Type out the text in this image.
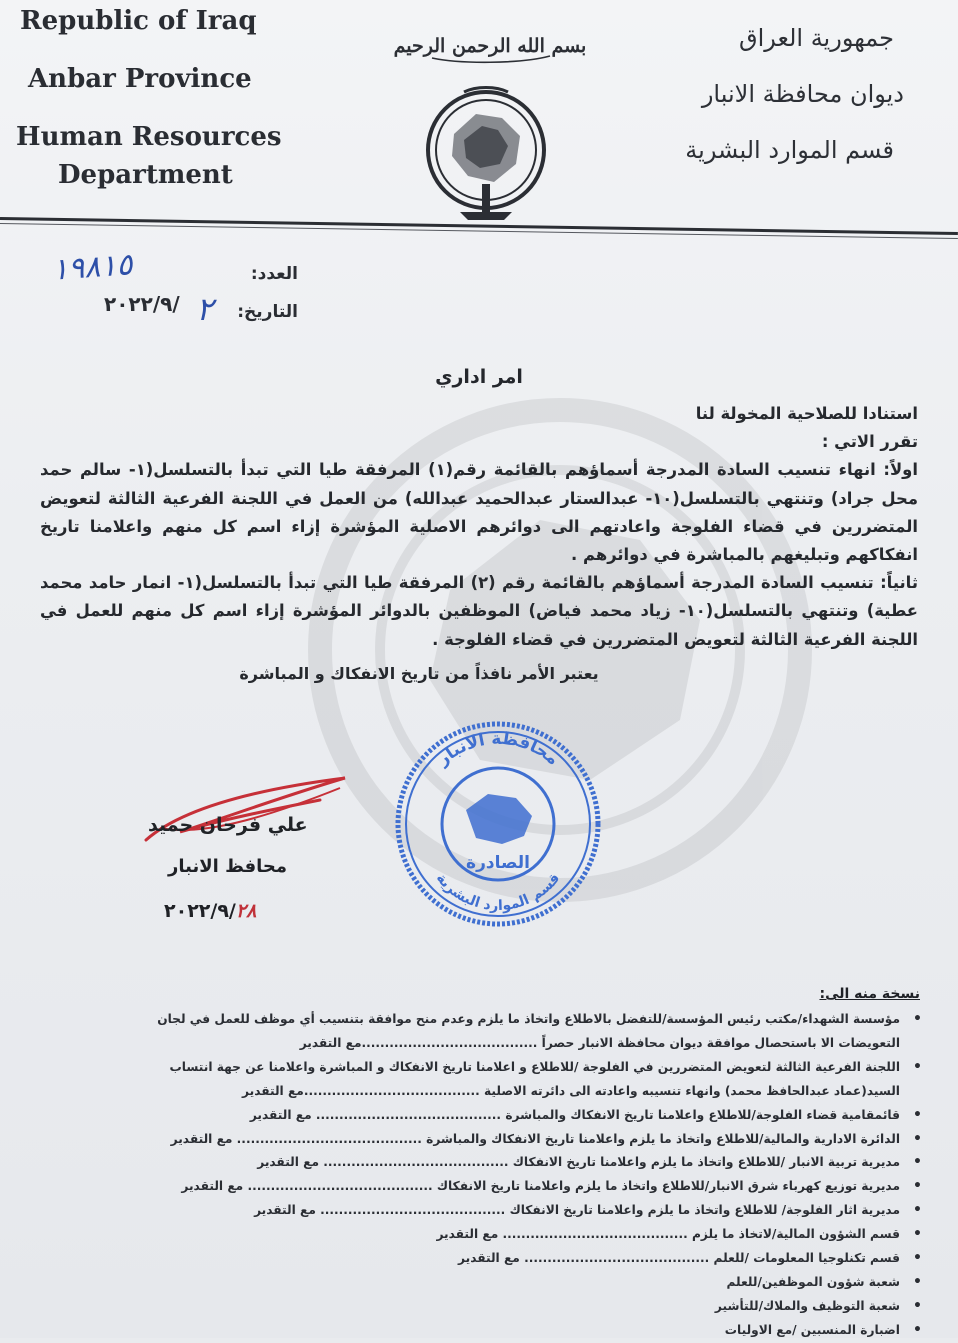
Republic of Iraq
Anbar Province
Human Resources
Department
بسم الله الرحمن الرحيم	جمهورية العراق
ديوان محافظة الانبار
قسم الموارد البشرية
العدد:
١٩٨١٥
التاريخ:
٢
٢٠٢٢/٩/
امر اداري

استنادا للصلاحية المخولة لنا

تقرر الاتي :

اولاً: انهاء تنسيب السادة المدرجة أسماؤهم بالقائمة رقم(١) المرفقة طيا التي تبدأ بالتسلسل(١- سالم حمد محل جراد) وتنتهي بالتسلسل(١٠- عبدالستار عبدالحميد عبدالله) من العمل في اللجنة الفرعية الثالثة لتعويض المتضررين في قضاء الفلوجة واعادتهم الى دوائرهم الاصلية المؤشرة إزاء اسم كل منهم واعلامنا تاريخ انفكاكهم وتبليغهم بالمباشرة في دوائرهم .

ثانياً: تنسيب السادة المدرجة أسماؤهم بالقائمة رقم (٢) المرفقة طيا التي تبدأ بالتسلسل(١- انمار حامد محمد عطية) وتنتهي بالتسلسل(١٠- زياد محمد فياض) الموظفين بالدوائر المؤشرة إزاء اسم كل منهم للعمل في اللجنة الفرعية الثالثة لتعويض المتضررين في قضاء الفلوجة .

يعتبر الأمر نافذاً من تاريخ الانفكاك و المباشرة
علي فرحان حميد
محافظ الانبار
٢٠٢٢/٩/٢٨
محافظة الانبار
قسم الموارد البشرية
الصادرة
نسخة منه الى:
• مؤسسة الشهداء/مكتب رئيس المؤسسة/للتفضل بالاطلاع واتخاذ ما يلزم وعدم منح موافقة بتنسيب أي موظف للعمل في لجان
التعويضات الا باستحصال موافقة ديوان محافظة الانبار حصراً ......................................مع التقدير
• اللجنة الفرعية الثالثة لتعويض المتضررين في الفلوجة /للاطلاع و اعلامنا تاريخ الانفكاك و المباشرة واعلامنا عن جهة انتساب
السيد(عماد عبدالحافظ محمد) وانهاء تنسيبه واعادته الى دائرته الاصلية ......................................مع التقدير
• قائمقامية قضاء الفلوجة/للاطلاع واعلامنا تاريخ الانفكاك والمباشرة ........................................ مع التقدير
• الدائرة الادارية والمالية/للاطلاع واتخاذ ما يلزم واعلامنا تاريخ الانفكاك والمباشرة ........................................ مع التقدير
• مديرية تربية الانبار /للاطلاع واتخاذ ما يلزم واعلامنا تاريخ الانفكاك ........................................ مع التقدير
• مديرية توزيع كهرباء شرق الانبار/للاطلاع واتخاذ ما يلزم واعلامنا تاريخ الانفكاك ........................................ مع التقدير
• مديرية اثار الفلوجة/ للاطلاع واتخاذ ما يلزم واعلامنا تاريخ الانفكاك ........................................ مع التقدير
• قسم الشؤون المالية/لاتخاذ ما يلزم ........................................ مع التقدير
• قسم تكنلوجيا المعلومات /للعلم ........................................ مع التقدير
• شعبة شؤون الموظفين/للعلم
• شعبة التوظيف والملاك/للتأشير
• اضبارة المنسبين /مع الاوليات
